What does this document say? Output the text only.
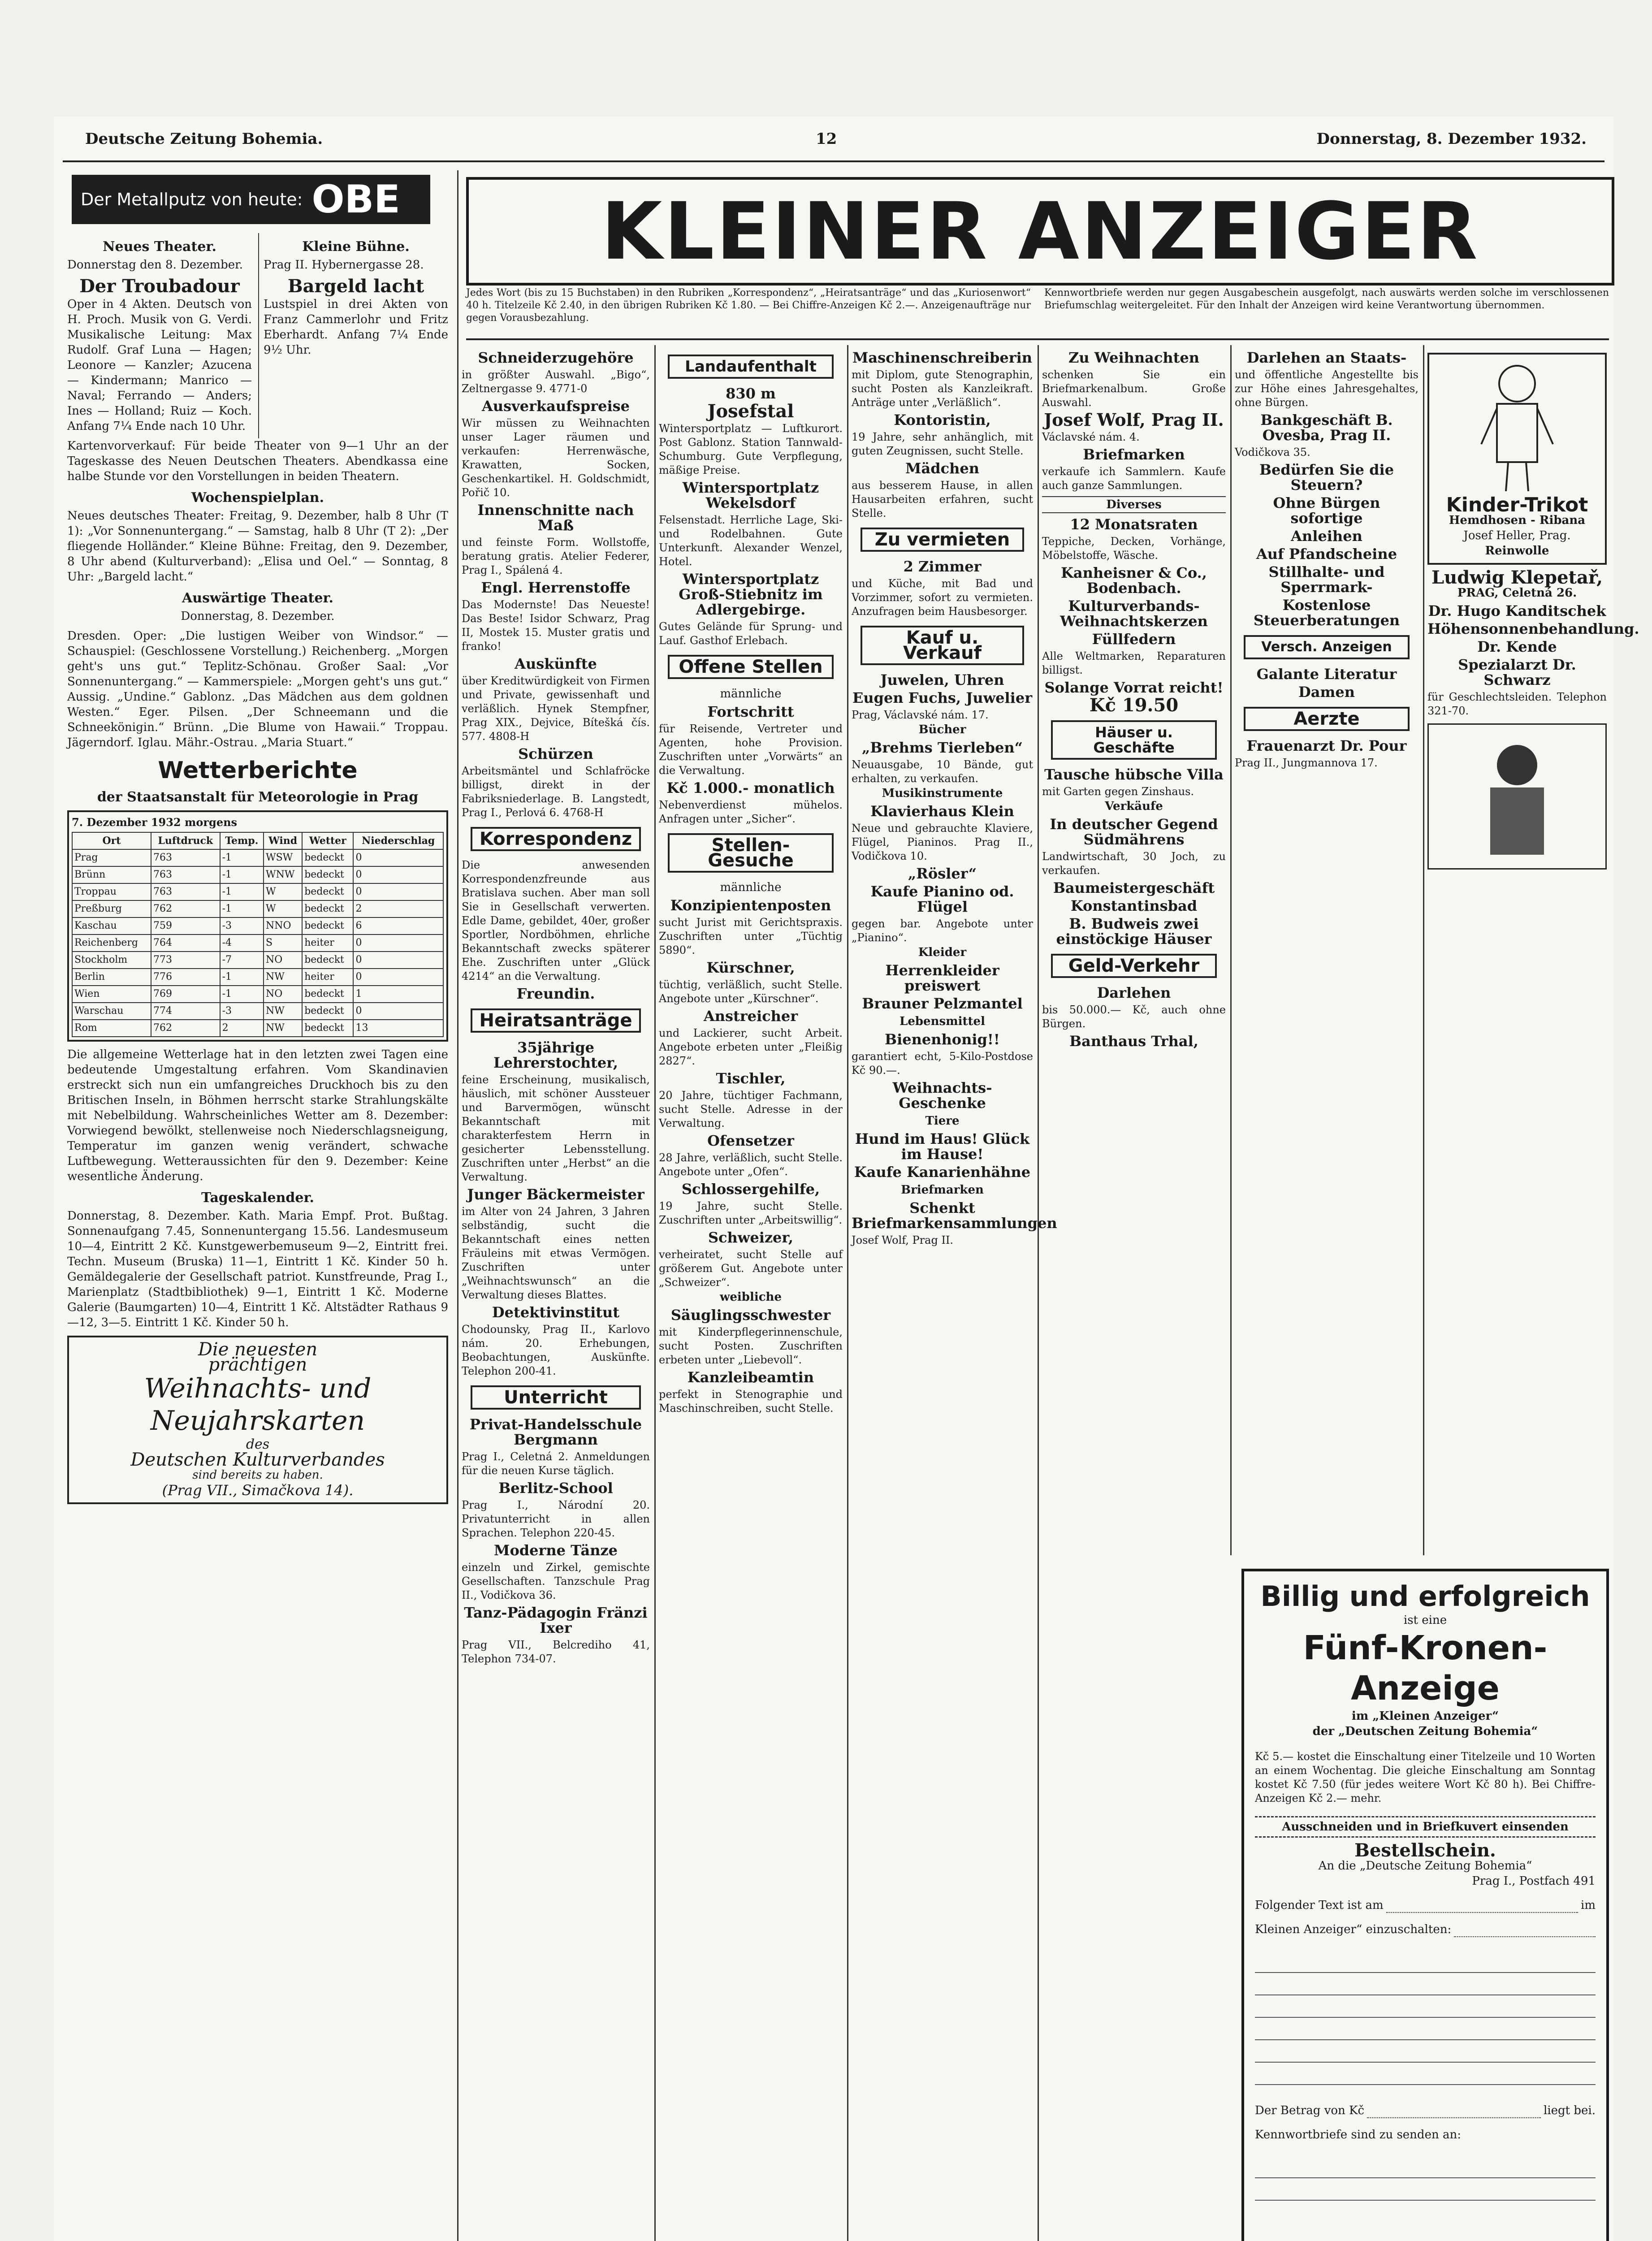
Deutsche Zeitung Bohemia.	12	Donnerstag, 8. Dezember 1932.
Der Metallputz von heute: OBE	KLEINER ANZEIGER
Jedes Wort (bis zu 15 Buchstaben) in den Rubriken „Korrespondenz“, „Heiratsanträge“ und das „Kuriosenwort“ 40 h. Titelzeile Kč 2.40, in den übrigen Rubriken Kč 1.80. — Bei Chiffre-Anzeigen Kč 2.—. Anzeigenaufträge nur gegen Vorausbezahlung.
Kennwortbriefe werden nur gegen Ausgabeschein ausgefolgt, nach auswärts werden solche im verschlossenen Briefumschlag weitergeleitet. Für den Inhalt der Anzeigen wird keine Verantwortung übernommen.
Neues Theater.

Donnerstag den 8. Dezember.

Der Troubadour

Oper in 4 Akten. Deutsch von H. Proch. Musik von G. Verdi. Musikalische Leitung: Max Rudolf. Graf Luna — Hagen; Leonore — Kanzler; Azucena — Kindermann; Manrico — Naval; Ferrando — Anders; Ines — Holland; Ruiz — Koch. Anfang 7¼ Ende nach 10 Uhr.

Kleine Bühne.

Prag II. Hybernergasse 28.

Bargeld lacht

Lustspiel in drei Akten von Franz Cammerlohr und Fritz Eberhardt. Anfang 7¼ Ende 9½ Uhr.

Kartenvorverkauf: Für beide Theater von 9—1 Uhr an der Tageskasse des Neuen Deutschen Theaters. Abendkassa eine halbe Stunde vor den Vorstellungen in beiden Theatern.

Wochenspielplan.

Neues deutsches Theater: Freitag, 9. Dezember, halb 8 Uhr (T 1): „Vor Sonnenuntergang.“ — Samstag, halb 8 Uhr (T 2): „Der fliegende Holländer.“ Kleine Bühne: Freitag, den 9. Dezember, 8 Uhr abend (Kulturverband): „Elisa und Oel.“ — Sonntag, 8 Uhr: „Bargeld lacht.“

Auswärtige Theater.

Donnerstag, 8. Dezember.

Dresden. Oper: „Die lustigen Weiber von Windsor.“ — Schauspiel: (Geschlossene Vorstellung.) Reichenberg. „Morgen geht's uns gut.“ Teplitz-Schönau. Großer Saal: „Vor Sonnenuntergang.“ — Kammerspiele: „Morgen geht's uns gut.“ Aussig. „Undine.“ Gablonz. „Das Mädchen aus dem goldnen Westen.“ Eger. Pilsen. „Der Schneemann und die Schneekönigin.“ Brünn. „Die Blume von Hawaii.“ Troppau. Jägerndorf. Iglau. Mähr.-Ostrau. „Maria Stuart.“

Wetterberichte
der Staatsanstalt für Meteorologie in Prag
7. Dezember 1932 morgens
Ort	Luftdruck	Temp.	Wind	Wetter	Niederschlag
Prag	763	-1	WSW	bedeckt	0
Brünn	763	-1	WNW	bedeckt	0
Troppau	763	-1	W	bedeckt	0
Preßburg	762	-1	W	bedeckt	2
Kaschau	759	-3	NNO	bedeckt	6
Reichenberg	764	-4	S	heiter	0
Stockholm	773	-7	NO	bedeckt	0
Berlin	776	-1	NW	heiter	0
Wien	769	-1	NO	bedeckt	1
Warschau	774	-3	NW	bedeckt	0
Rom	762	2	NW	bedeckt	13

Die allgemeine Wetterlage hat in den letzten zwei Tagen eine bedeutende Umgestaltung erfahren. Vom Skandinavien erstreckt sich nun ein umfangreiches Druckhoch bis zu den Britischen Inseln, in Böhmen herrscht starke Strahlungskälte mit Nebelbildung. Wahrscheinliches Wetter am 8. Dezember: Vorwiegend bewölkt, stellenweise noch Niederschlagsneigung, Temperatur im ganzen wenig verändert, schwache Luftbewegung. Wetteraussichten für den 9. Dezember: Keine wesentliche Änderung.

Tageskalender.

Donnerstag, 8. Dezember. Kath. Maria Empf. Prot. Bußtag. Sonnenaufgang 7.45, Sonnenuntergang 15.56. Landesmuseum 10—4, Eintritt 2 Kč. Kunstgewerbemuseum 9—2, Eintritt frei. Techn. Museum (Bruska) 11—1, Eintritt 1 Kč. Kinder 50 h. Gemäldegalerie der Gesellschaft patriot. Kunstfreunde, Prag I., Marienplatz (Stadtbibliothek) 9—1, Eintritt 1 Kč. Moderne Galerie (Baumgarten) 10—4, Eintritt 1 Kč. Altstädter Rathaus 9—12, 3—5. Eintritt 1 Kč. Kinder 50 h.

Die neuesten
prächtigen
Weihnachts- und
Neujahrskarten
des
Deutschen Kulturverbandes
sind bereits zu haben.
(Prag VII., Simačkova 14).
Schneiderzugehöre
in größter Auswahl. „Bigo“, Zeltnergasse 9. 4771-0
Ausverkaufspreise
Wir müssen zu Weihnachten unser Lager räumen und verkaufen: Herrenwäsche, Krawatten, Socken, Geschenkartikel. H. Goldschmidt, Pořič 10.
Innenschnitte nach Maß
und feinste Form. Wollstoffe, beratung gratis. Atelier Federer, Prag I., Spálená 4.
Engl. Herrenstoffe
Das Modernste! Das Neueste! Das Beste! Isidor Schwarz, Prag II, Mostek 15. Muster gratis und franko!
Auskünfte
über Kreditwürdigkeit von Firmen und Private, gewissenhaft und verläßlich. Hynek Stempfner, Prag XIX., Dejvice, Bítešká čís. 577. 4808-H
Schürzen
Arbeitsmäntel und Schlafröcke billigst, direkt in der Fabriksniederlage. B. Langstedt, Prag I., Perlová 6. 4768-H
Korrespondenz
Die anwesenden Korrespondenzfreunde aus Bratislava suchen. Aber man soll Sie in Gesellschaft verwerten. Edle Dame, gebildet, 40er, großer Sportler, Nordböhmen, ehrliche Bekanntschaft zwecks späterer Ehe. Zuschriften unter „Glück 4214“ an die Verwaltung.
Freundin.
Heiratsanträge
35jährige Lehrerstochter,
feine Erscheinung, musikalisch, häuslich, mit schöner Aussteuer und Barvermögen, wünscht Bekanntschaft mit charakterfestem Herrn in gesicherter Lebensstellung. Zuschriften unter „Herbst“ an die Verwaltung.
Junger Bäckermeister
im Alter von 24 Jahren, 3 Jahren selbständig, sucht die Bekanntschaft eines netten Fräuleins mit etwas Vermögen. Zuschriften unter „Weihnachtswunsch“ an die Verwaltung dieses Blattes.
Detektivinstitut
Chodounsky, Prag II., Karlovo nám. 20. Erhebungen, Beobachtungen, Auskünfte. Telephon 200-41.
Unterricht
Privat-Handelsschule Bergmann
Prag I., Celetná 2. Anmeldungen für die neuen Kurse täglich.
Berlitz-School
Prag I., Národní 20. Privatunterricht in allen Sprachen. Telephon 220-45.
Moderne Tänze
einzeln und Zirkel, gemischte Gesellschaften. Tanzschule Prag II., Vodičkova 36.
Tanz-Pädagogin Fränzi Ixer
Prag VII., Belcrediho 41, Telephon 734-07.
Landaufenthalt
830 m
Josefstal
Wintersportplatz — Luftkurort. Post Gablonz. Station Tannwald-Schumburg. Gute Verpflegung, mäßige Preise.
Wintersportplatz Wekelsdorf
Felsenstadt. Herrliche Lage, Ski- und Rodelbahnen. Gute Unterkunft. Alexander Wenzel, Hotel.
Wintersportplatz Groß-Stiebnitz im Adlergebirge.
Gutes Gelände für Sprung- und Lauf. Gasthof Erlebach.
Offene Stellen
männliche
Fortschritt
für Reisende, Vertreter und Agenten, hohe Provision. Zuschriften unter „Vorwärts“ an die Verwaltung.
Kč 1.000.- monatlich
Nebenverdienst mühelos. Anfragen unter „Sicher“.
Stellen-Gesuche
männliche
Konzipientenposten
sucht Jurist mit Gerichtspraxis. Zuschriften unter „Tüchtig 5890“.
Kürschner,
tüchtig, verläßlich, sucht Stelle. Angebote unter „Kürschner“.
Anstreicher
und Lackierer, sucht Arbeit. Angebote erbeten unter „Fleißig 2827“.
Tischler,
20 Jahre, tüchtiger Fachmann, sucht Stelle. Adresse in der Verwaltung.
Ofensetzer
28 Jahre, verläßlich, sucht Stelle. Angebote unter „Ofen“.
Schlossergehilfe,
19 Jahre, sucht Stelle. Zuschriften unter „Arbeitswillig“.
Schweizer,
verheiratet, sucht Stelle auf größerem Gut. Angebote unter „Schweizer“.
weibliche
Säuglingsschwester
mit Kinderpflegerinnenschule, sucht Posten. Zuschriften erbeten unter „Liebevoll“.
Kanzleibeamtin
perfekt in Stenographie und Maschinschreiben, sucht Stelle.
Maschinenschreiberin
mit Diplom, gute Stenographin, sucht Posten als Kanzleikraft. Anträge unter „Verläßlich“.
Kontoristin,
19 Jahre, sehr anhänglich, mit guten Zeugnissen, sucht Stelle.
Mädchen
aus besserem Hause, in allen Hausarbeiten erfahren, sucht Stelle.
Zu vermieten
2 Zimmer
und Küche, mit Bad und Vorzimmer, sofort zu vermieten. Anzufragen beim Hausbesorger.
Kauf u. Verkauf
Juwelen, Uhren
Eugen Fuchs, Juwelier
Prag, Václavské nám. 17.
Bücher
„Brehms Tierleben“
Neuausgabe, 10 Bände, gut erhalten, zu verkaufen.
Musikinstrumente
Klavierhaus Klein
Neue und gebrauchte Klaviere, Flügel, Pianinos. Prag II., Vodičkova 10.
„Rösler“
Kaufe Pianino od. Flügel
gegen bar. Angebote unter „Pianino“.
Kleider
Herrenkleider preiswert
Brauner Pelzmantel
Lebensmittel
Bienenhonig!!
garantiert echt, 5-Kilo-Postdose Kč 90.—.
Weihnachts-Geschenke
Tiere
Hund im Haus! Glück im Hause!
Kaufe Kanarienhähne
Briefmarken
Schenkt Briefmarkensammlungen
Josef Wolf, Prag II.
Zu Weihnachten
schenken Sie ein Briefmarkenalbum. Große Auswahl.
Josef Wolf, Prag II.
Václavské nám. 4.
Briefmarken
verkaufe ich Sammlern. Kaufe auch ganze Sammlungen.
Diverses
12 Monatsraten
Teppiche, Decken, Vorhänge, Möbelstoffe, Wäsche.
Kanheisner & Co., Bodenbach.
Kulturverbands-Weihnachtskerzen
Füllfedern
Alle Weltmarken, Reparaturen billigst.
Solange Vorrat reicht!
Kč 19.50
Häuser u. Geschäfte
Tausche hübsche Villa
mit Garten gegen Zinshaus.
Verkäufe
In deutscher Gegend Südmährens
Landwirtschaft, 30 Joch, zu verkaufen.
Baumeistergeschäft
Konstantinsbad
B. Budweis zwei einstöckige Häuser
Geld-Verkehr
Darlehen
bis 50.000.— Kč, auch ohne Bürgen.
Banthaus Trhal,
Darlehen an Staats-
und öffentliche Angestellte bis zur Höhe eines Jahresgehaltes, ohne Bürgen.
Bankgeschäft B. Ovesba, Prag II.
Vodičkova 35.
Bedürfen Sie die Steuern?
Ohne Bürgen sofortige
Anleihen
Auf Pfandscheine
Stillhalte- und Sperrmark-
Kostenlose Steuerberatungen
Versch. Anzeigen
Galante Literatur
Damen
Aerzte
Frauenarzt Dr. Pour
Prag II., Jungmannova 17.
Kinder-Trikot
Hemdhosen - Ribana
Josef Heller, Prag.
Reinwolle
Ludwig Klepetař,
PRAG, Celetná 26.
Dr. Hugo Kanditschek
Höhensonnenbehandlung.
Dr. Kende
Spezialarzt Dr. Schwarz
für Geschlechtsleiden. Telephon 321-70.
Billig und erfolgreich
ist eine
Fünf-Kronen-Anzeige
im „Kleinen Anzeiger“
der „Deutschen Zeitung Bohemia“

Kč 5.— kostet die Einschaltung einer Titelzeile und 10 Worten an einem Wochentag. Die gleiche Einschaltung am Sonntag kostet Kč 7.50 (für jedes weitere Wort Kč 80 h). Bei Chiffre-Anzeigen Kč 2.— mehr.

Ausschneiden und in Briefkuvert einsenden
Bestellschein.
An die „Deutsche Zeitung Bohemia“
Prag I., Postfach 491
Folgender Text ist am	im
Kleinen Anzeiger“ einzuschalten:
Der Betrag von Kč	liegt bei.
Kennwortbriefe sind zu senden an:
